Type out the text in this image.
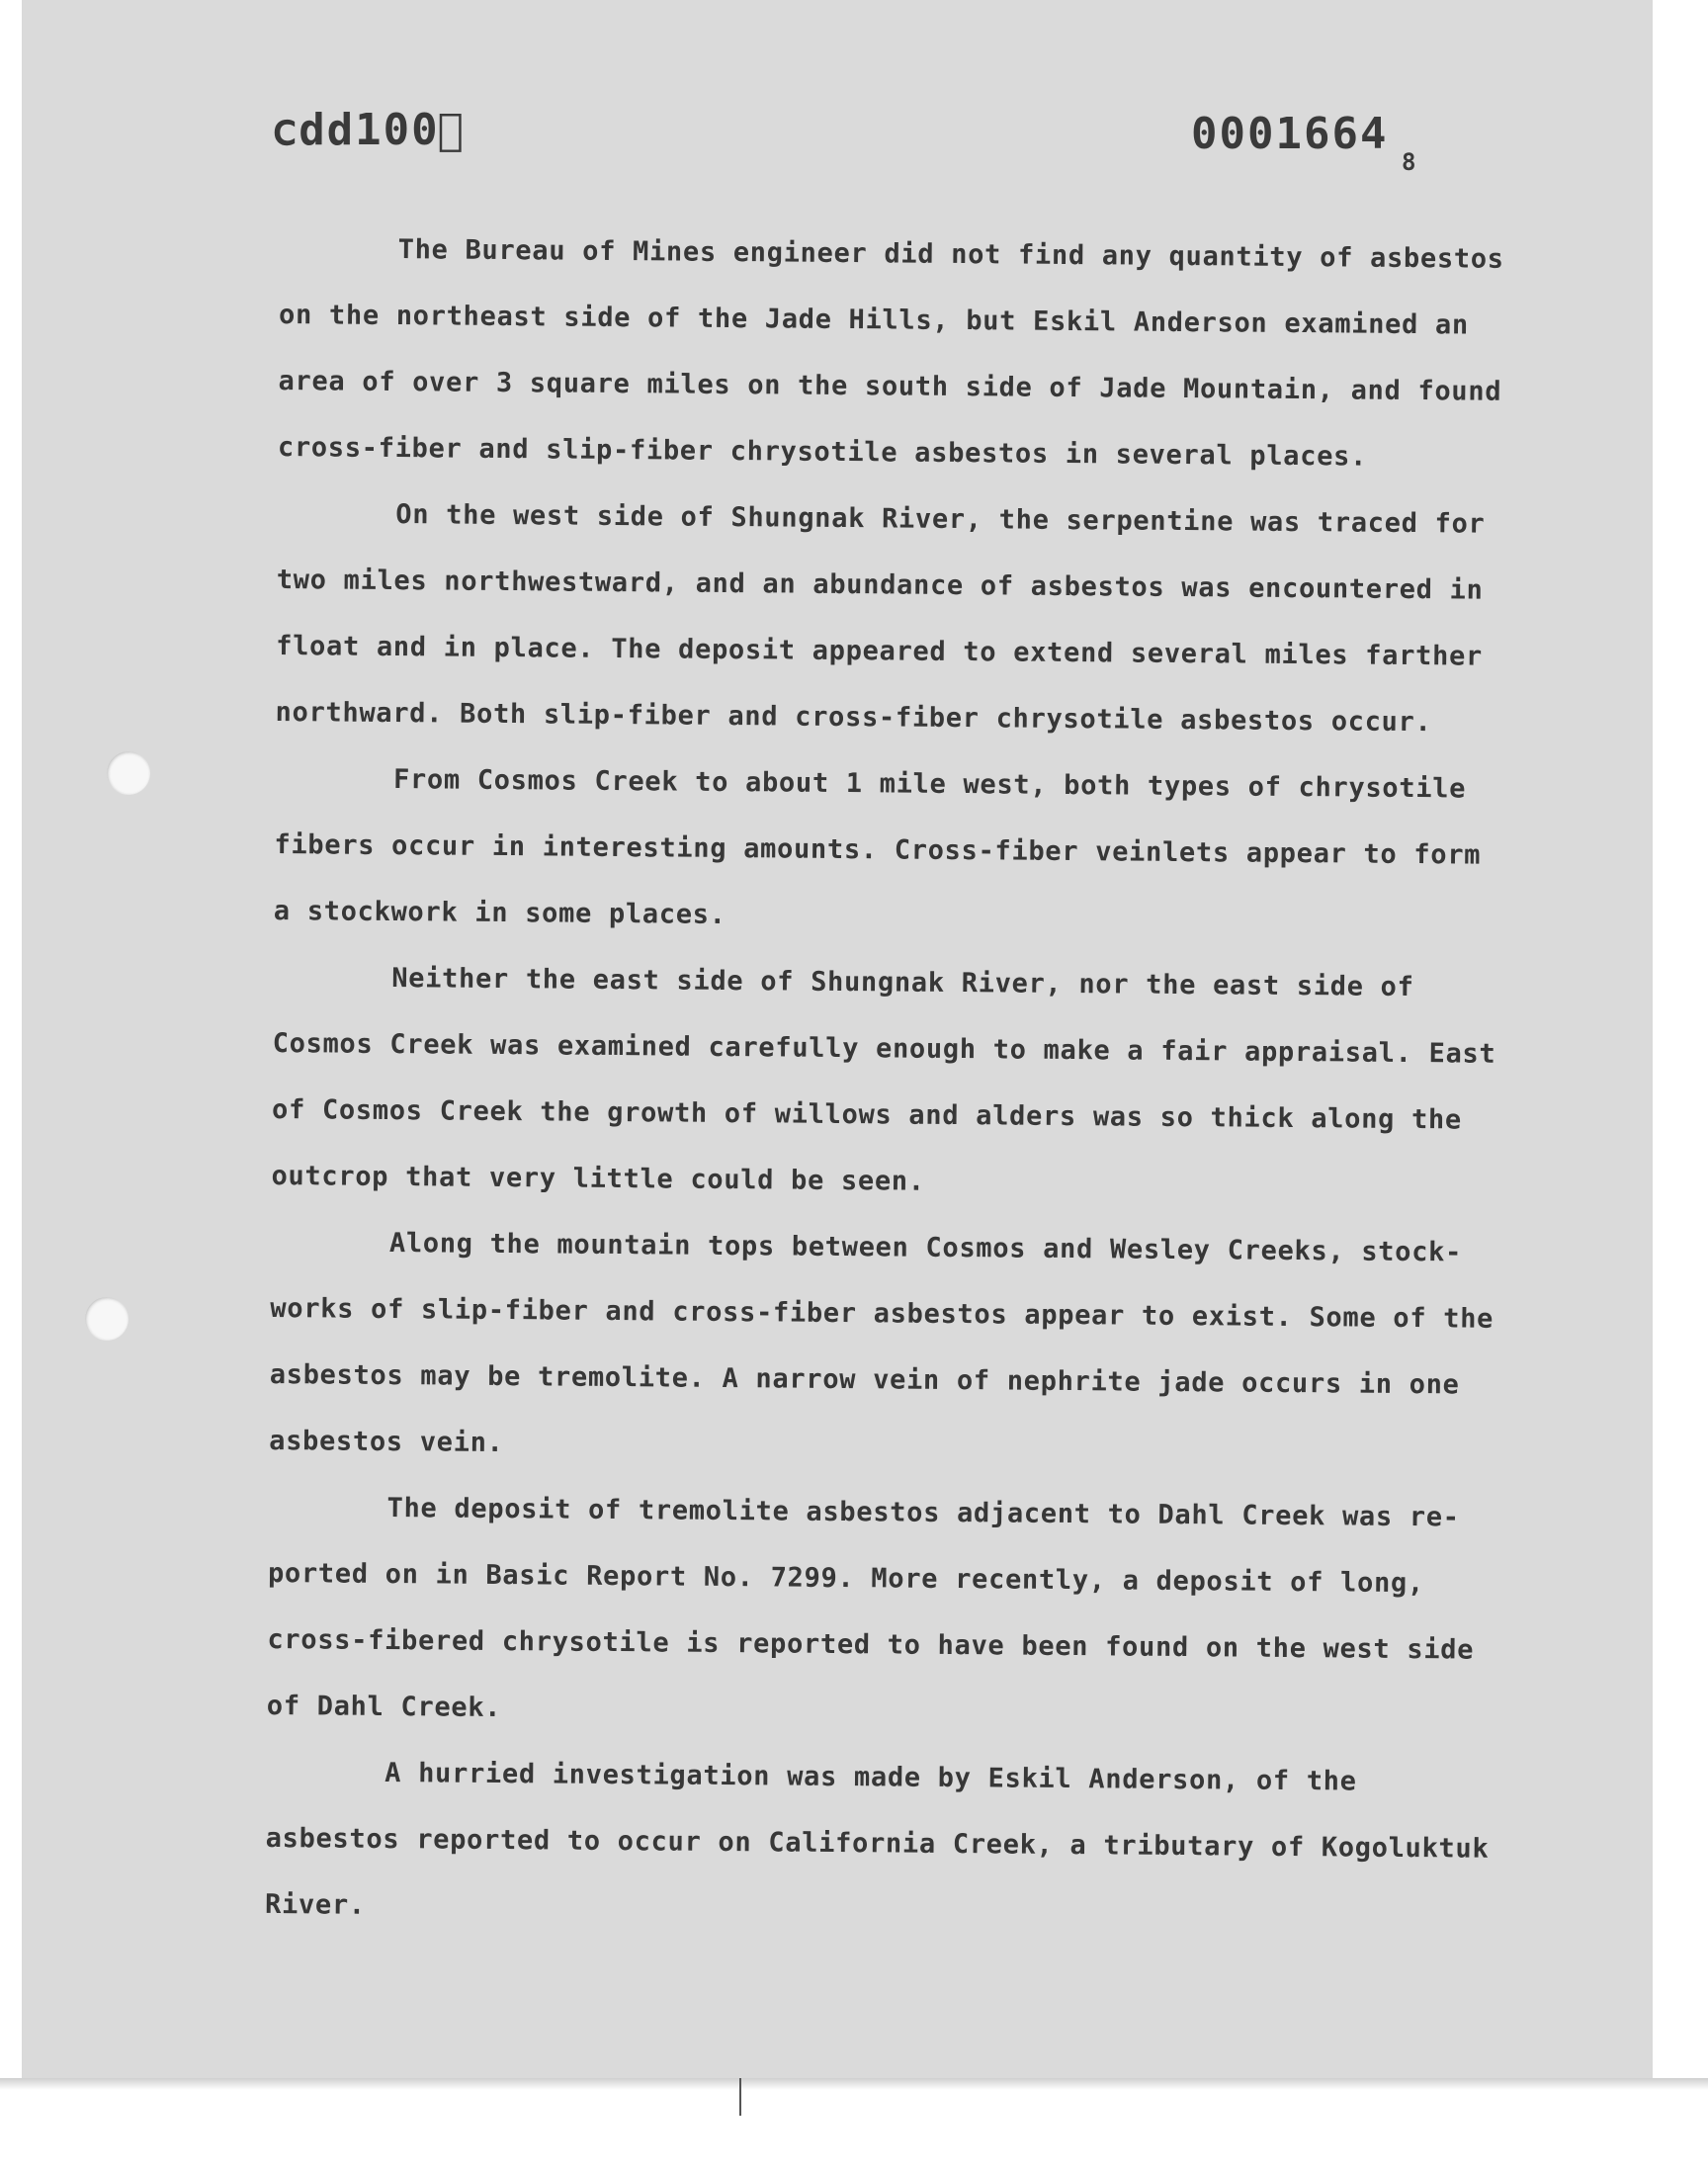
ⅽdd100ᷠ	0001664
8

The Bureau of Mines engineer did not find any quantity of asbestos on the northeast side of the Jade Hills, but Eskil Anderson examined an area of over 3 square miles on the south side of Jade Mountain, and found cross-fiber and slip-fiber chrysotile asbestos in several places.

On the west side of Shungnak River, the serpentine was traced for two miles northwestward, and an abundance of asbestos was encountered in float and in place. The deposit appeared to extend several miles farther northward. Both slip-fiber and cross-fiber chrysotile asbestos occur.

From Cosmos Creek to about 1 mile west, both types of chrysotile fibers occur in interesting amounts. Cross-fiber veinlets appear to form a stockwork in some places.

Neither the east side of Shungnak River, nor the east side of Cosmos Creek was examined carefully enough to make a fair appraisal. East of Cosmos Creek the growth of willows and alders was so thick along the outcrop that very little could be seen.

Along the mountain tops between Cosmos and Wesley Creeks, stock-works of slip-fiber and cross-fiber asbestos appear to exist. Some of the asbestos may be tremolite. A narrow vein of nephrite jade occurs in one asbestos vein.

The deposit of tremolite asbestos adjacent to Dahl Creek was re-ported on in Basic Report No. 7299. More recently, a deposit of long, cross-fibered chrysotile is reported to have been found on the west side of Dahl Creek.

A hurried investigation was made by Eskil Anderson, of the asbestos reported to occur on California Creek, a tributary of Kogoluktuk River.
